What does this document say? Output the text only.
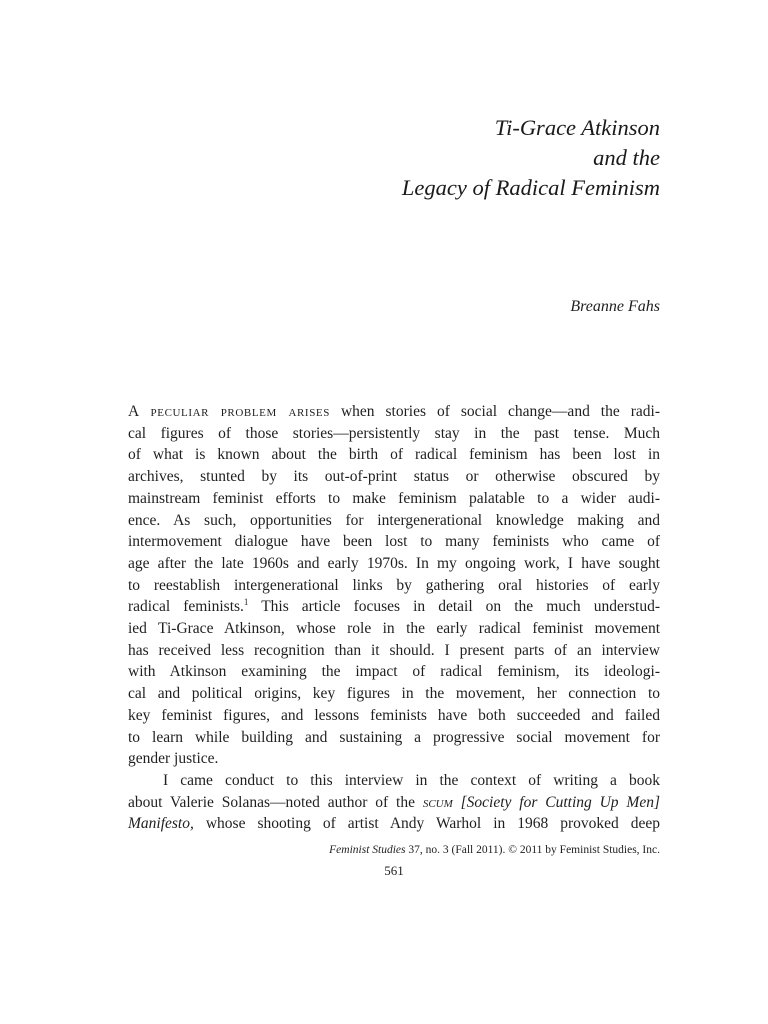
Ti-Grace Atkinson
and the
Legacy of Radical Feminism
Breanne Fahs
A peculiar problem arises when stories of social change—and the radi-
cal figures of those stories—persistently stay in the past tense. Much
of what is known about the birth of radical feminism has been lost in
archives, stunted by its out-of-print status or otherwise obscured by
mainstream feminist efforts to make feminism palatable to a wider audi-
ence. As such, opportunities for intergenerational knowledge making and
intermovement dialogue have been lost to many feminists who came of
age after the late 1960s and early 1970s. In my ongoing work, I have sought
to reestablish intergenerational links by gathering oral histories of early
radical feminists.$^1$ This article focuses in detail on the much understud-
ied Ti-Grace Atkinson, whose role in the early radical feminist movement
has received less recognition than it should. I present parts of an interview
with Atkinson examining the impact of radical feminism, its ideologi-
cal and political origins, key figures in the movement, her connection to
key feminist figures, and lessons feminists have both succeeded and failed
to learn while building and sustaining a progressive social movement for
gender justice.
I came conduct to this interview in the context of writing a book
about Valerie Solanas—noted author of the scum [Society for Cutting Up Men]
Manifesto, whose shooting of artist Andy Warhol in 1968 provoked deep
Feminist Studies 37, no. 3 (Fall 2011). © 2011 by Feminist Studies, Inc.
561
